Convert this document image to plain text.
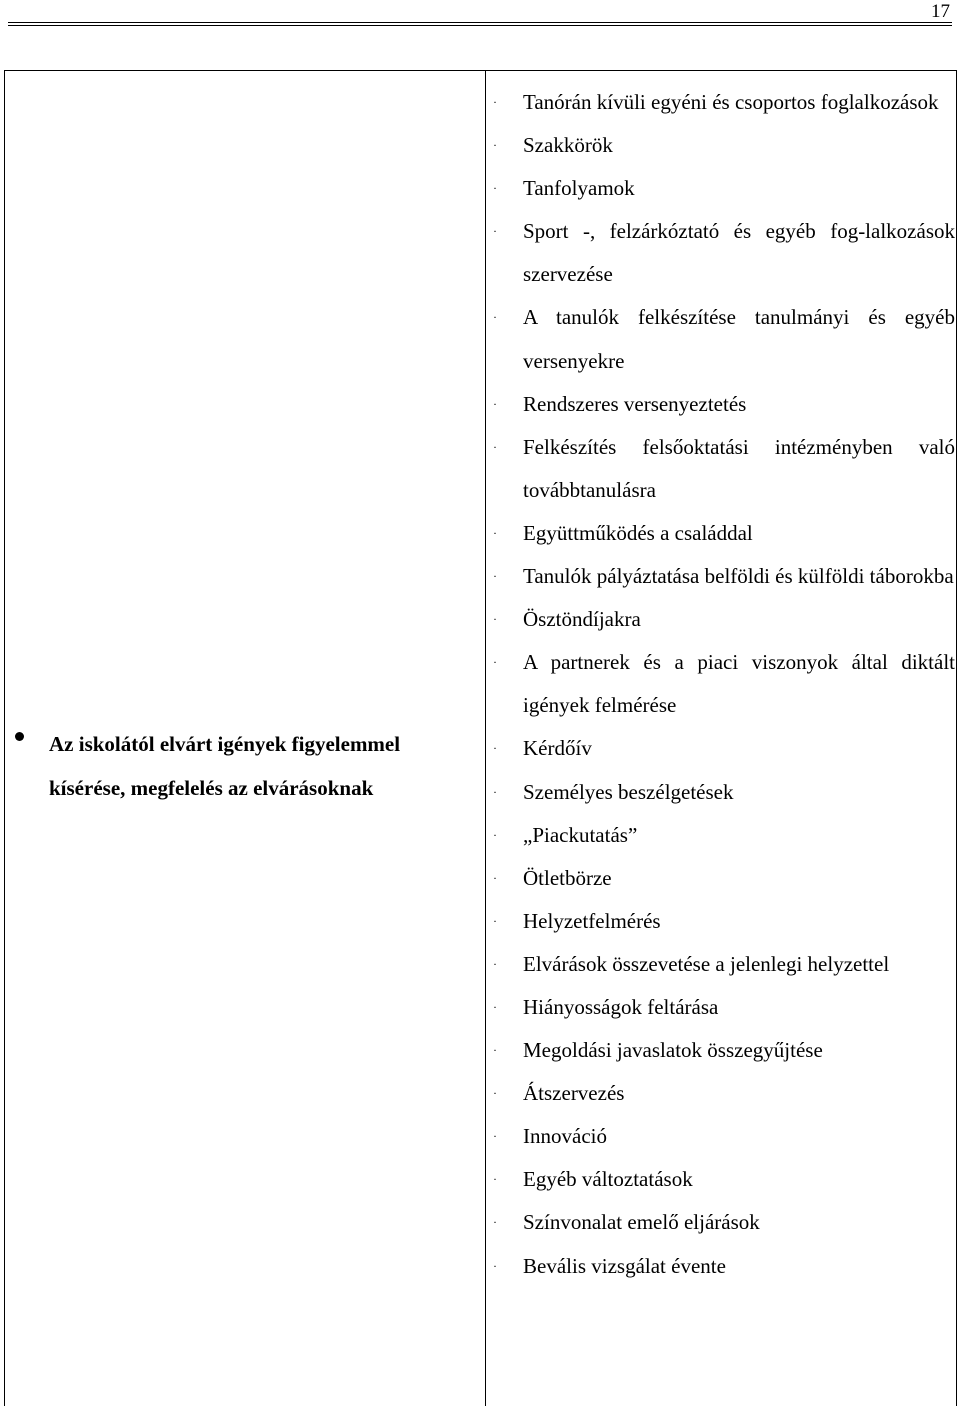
17
Az iskolától elvárt igények figyelemmel kísérése, megfelelés az elvárásoknak
· Tanórán kívüli egyéni és csoportos foglalkozások
· Szakkörök
· Tanfolyamok
· Sport -, felzárkóztató és egyéb fog-lalkozások szervezése
· A tanulók felkészítése tanulmányi és egyéb versenyekre
· Rendszeres versenyeztetés
· Felkészítés felsőoktatási intézményben való továbbtanulásra
· Együttműködés a családdal
· Tanulók pályáztatása belföldi és külföldi táborokba
· Ösztöndíjakra
· A partnerek és a piaci viszonyok által diktált igények felmérése
· Kérdőív
· Személyes beszélgetések
· „Piackutatás”
· Ötletbörze
· Helyzetfelmérés
· Elvárások összevetése a jelenlegi helyzettel
· Hiányosságok feltárása
· Megoldási javaslatok összegyűjtése
· Átszervezés
· Innováció
· Egyéb változtatások
· Színvonalat emelő eljárások
· Bevális vizsgálat évente
